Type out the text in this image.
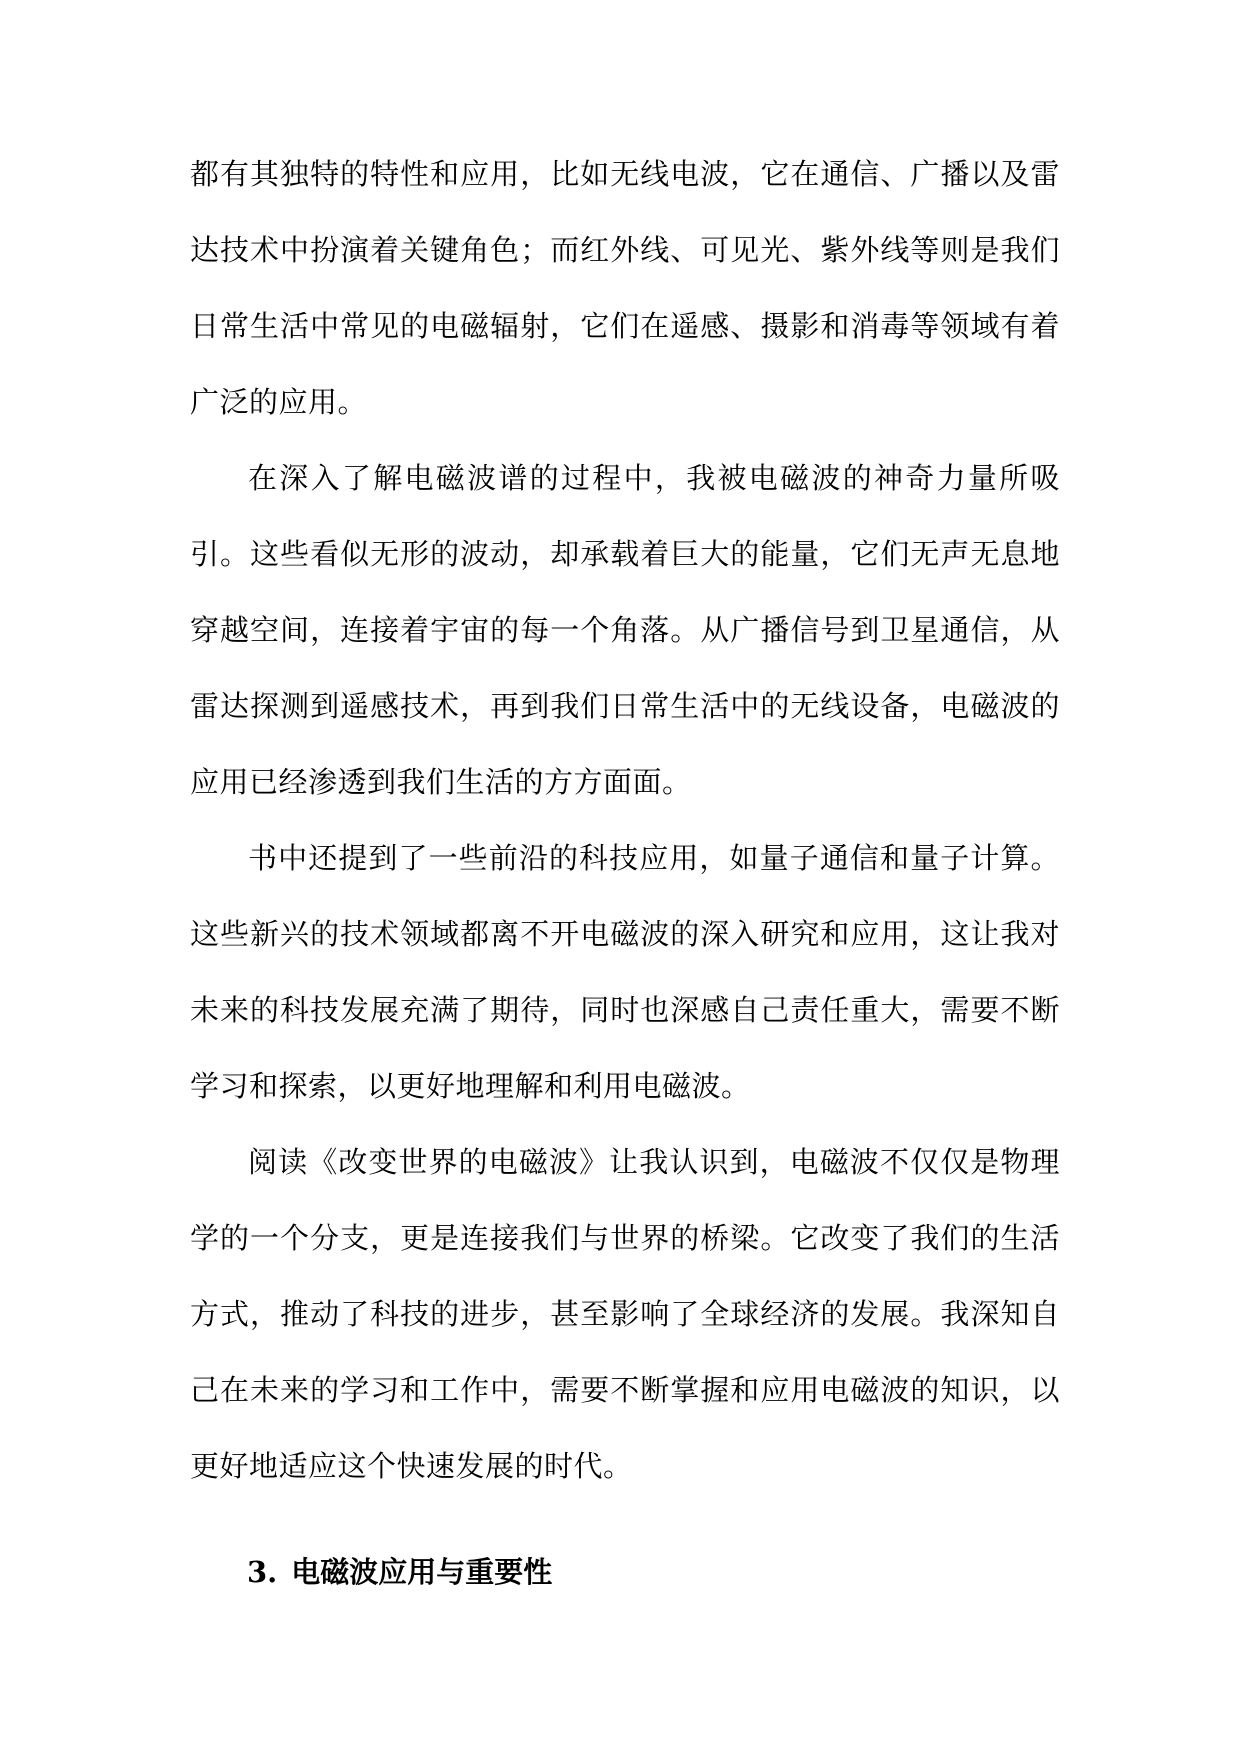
都有其独特的特性和应用，比如无线电波，它在通信、广播以及雷达技术中扮演着关键角色；而红外线、可见光、紫外线等则是我们日常生活中常见的电磁辐射，它们在遥感、摄影和消毒等领域有着广泛的应用。

在深入了解电磁波谱的过程中，我被电磁波的神奇力量所吸引。这些看似无形的波动，却承载着巨大的能量，它们无声无息地穿越空间，连接着宇宙的每一个角落。从广播信号到卫星通信，从雷达探测到遥感技术，再到我们日常生活中的无线设备，电磁波的应用已经渗透到我们生活的方方面面。

书中还提到了一些前沿的科技应用，如量子通信和量子计算。这些新兴的技术领域都离不开电磁波的深入研究和应用，这让我对未来的科技发展充满了期待，同时也深感自己责任重大，需要不断学习和探索，以更好地理解和利用电磁波。

阅读《改变世界的电磁波》让我认识到，电磁波不仅仅是物理学的一个分支，更是连接我们与世界的桥梁。它改变了我们的生活方式，推动了科技的进步，甚至影响了全球经济的发展。我深知自己在未来的学习和工作中，需要不断掌握和应用电磁波的知识，以更好地适应这个快速发展的时代。

3. 电磁波应用与重要性
